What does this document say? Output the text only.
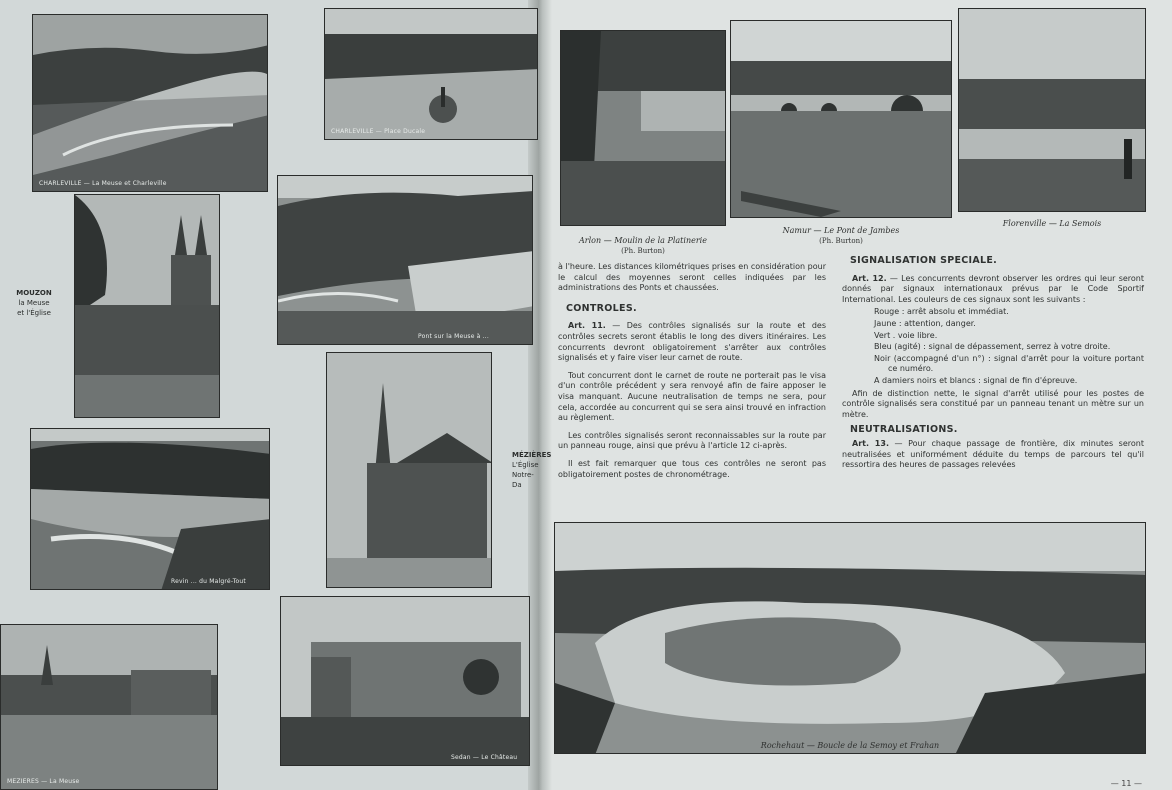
CHARLEVILLE — La Meuse et Charleville
CHARLEVILLE — Place Ducale
MOUZON
la Meuse
et l'Église
Pont sur la Meuse à ...
Revin ... du Malgré-Tout
MÉZIÈRES
L'Église
Notre-Da
MEZIERES — La Meuse
Sedan — Le Château
Arlon — Moulin de la Platinerie
(Ph. Burton)
Namur — Le Pont de Jambes
(Ph. Burton)
Florenville — La Semois

à l'heure. Les distances kilométriques prises en considération pour le calcul des moyennes seront celles indiquées par les administrations des Ponts et chaussées.

CONTROLES.

Art. 11. — Des contrôles signalisés sur la route et des contrôles secrets seront établis le long des divers itinéraires. Les concurrents devront obligatoirement s'arrêter aux contrôles signalisés et y faire viser leur carnet de route.

Tout concurrent dont le carnet de route ne porterait pas le visa d'un contrôle précédent y sera renvoyé afin de faire apposer le visa manquant. Aucune neutralisation de temps ne sera, pour cela, accordée au concurrent qui se sera ainsi trouvé en infraction au règlement.

Les contrôles signalisés seront reconnaissables sur la route par un panneau rouge, ainsi que prévu à l'article 12 ci-après.

Il est fait remarquer que tous ces contrôles ne seront pas obligatoirement postes de chronométrage.

SIGNALISATION SPECIALE.

Art. 12. — Les concurrents devront observer les ordres qui leur seront donnés par signaux internationaux prévus par le Code Sportif International. Les couleurs de ces signaux sont les suivants :

Rouge : arrêt absolu et immédiat.
Jaune : attention, danger.
Vert . voie libre.
Bleu (agité) : signal de dépassement, serrez à votre droite.
Noir (accompagné d'un n°) : signal d'arrêt pour la voiture portant ce numéro.
A damiers noirs et blancs : signal de fin d'épreuve.

Afin de distinction nette, le signal d'arrêt utilisé pour les postes de contrôle signalisés sera constitué par un panneau tenant un mètre sur un mètre.

NEUTRALISATIONS.

Art. 13. — Pour chaque passage de frontière, dix minutes seront neutralisées et uniformément déduite du temps de parcours tel qu'il ressortira des heures de passages relevées

Rochehaut — Boucle de la Semoy et Frahan
— 11 —
